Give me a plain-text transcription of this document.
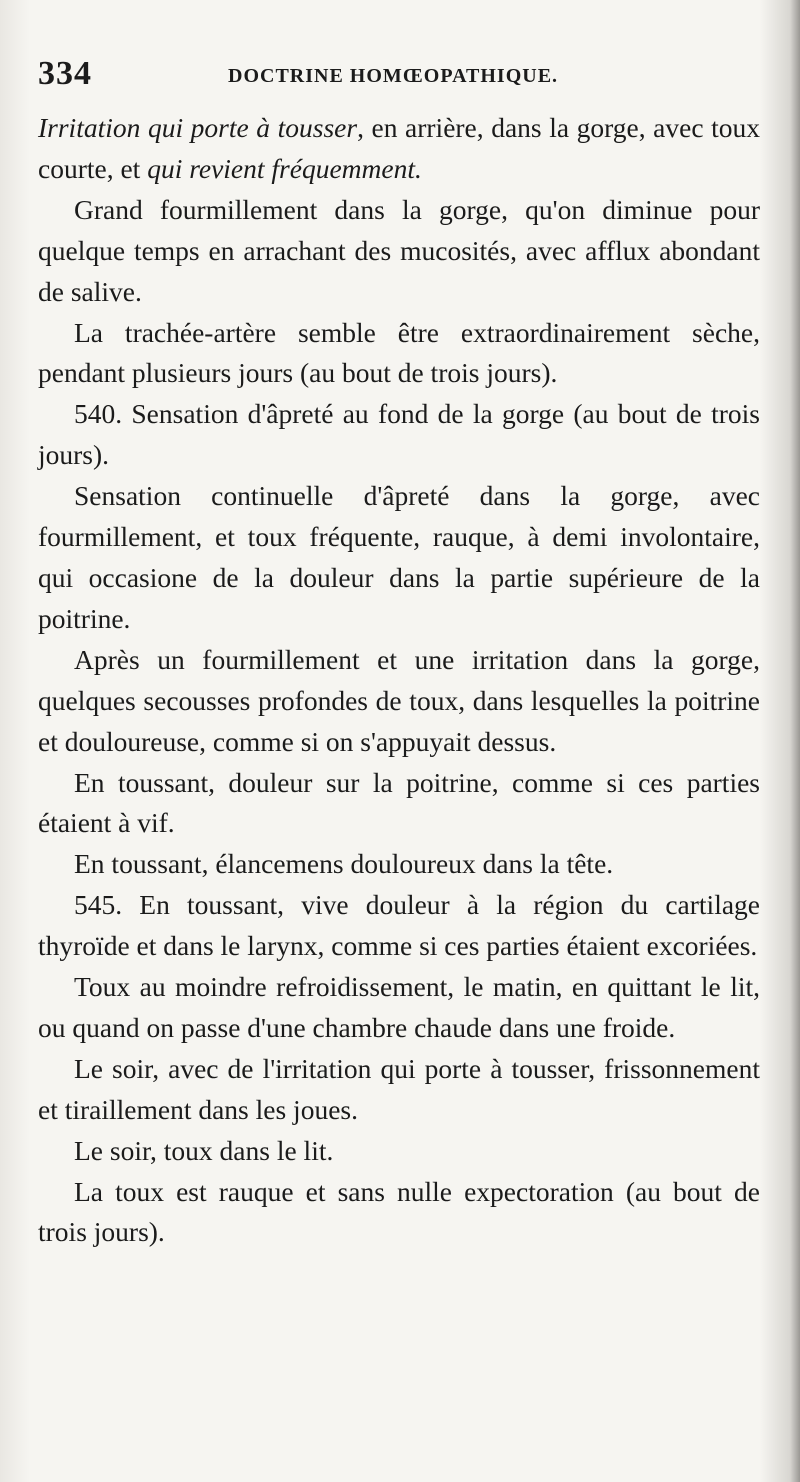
334	DOCTRINE HOMŒOPATHIQUE.

Irritation qui porte à tousser, en arrière, dans la gorge, avec toux courte, et qui revient fréquemment.

Grand fourmillement dans la gorge, qu'on diminue pour quelque temps en arrachant des mucosités, avec afflux abondant de salive.

La trachée-artère semble être extraordinairement sèche, pendant plusieurs jours (au bout de trois jours).

540. Sensation d'âpreté au fond de la gorge (au bout de trois jours).

Sensation continuelle d'âpreté dans la gorge, avec fourmillement, et toux fréquente, rauque, à demi involontaire, qui occasione de la douleur dans la partie supérieure de la poitrine.

Après un fourmillement et une irritation dans la gorge, quelques secousses profondes de toux, dans lesquelles la poitrine et douloureuse, comme si on s'appuyait dessus.

En toussant, douleur sur la poitrine, comme si ces parties étaient à vif.

En toussant, élancemens douloureux dans la tête.

545. En toussant, vive douleur à la région du cartilage thyroïde et dans le larynx, comme si ces parties étaient excoriées.

Toux au moindre refroidissement, le matin, en quittant le lit, ou quand on passe d'une chambre chaude dans une froide.

Le soir, avec de l'irritation qui porte à tousser, frissonnement et tiraillement dans les joues.

Le soir, toux dans le lit.

La toux est rauque et sans nulle expectoration (au bout de trois jours).
